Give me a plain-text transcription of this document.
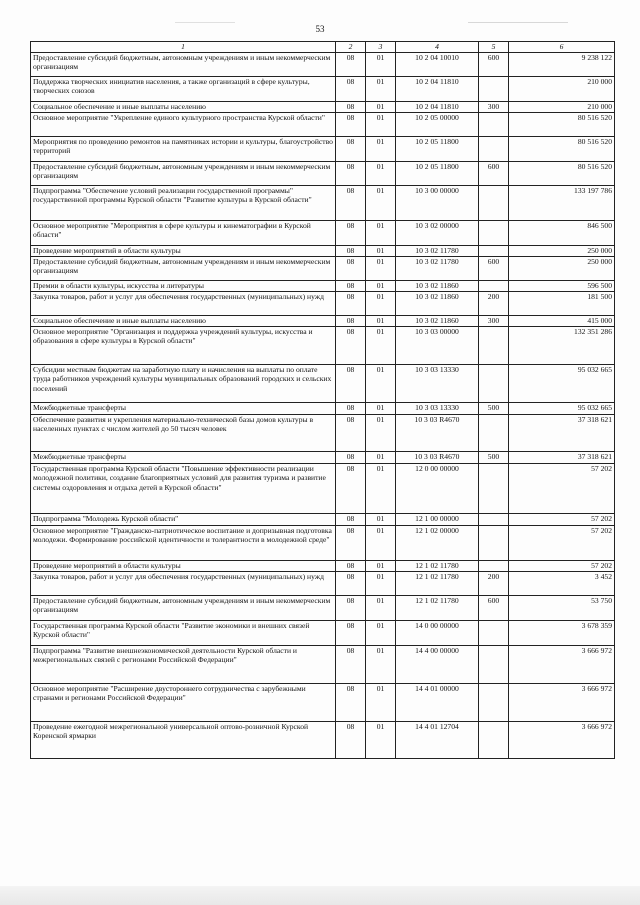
53
1	2	3	4	5	6
Предоставление субсидий бюджетным, автономным учреждениям и иным некоммерческим организациям	08	01	10 2 04 10010	600	9 238 122
Поддержка творческих инициатив населения, а также организаций в сфере культуры, творческих союзов	08	01	10 2 04 11810		210 000
Социальное обеспечение и иные выплаты населению	08	01	10 2 04 11810	300	210 000
Основное мероприятие "Укрепление единого культурного пространства Курской области"	08	01	10 2 05 00000		80 516 520
Мероприятия по проведению ремонтов на памятниках истории и культуры, благоустройство территорий	08	01	10 2 05 11800		80 516 520
Предоставление субсидий бюджетным, автономным учреждениям и иным некоммерческим организациям	08	01	10 2 05 11800	600	80 516 520
Подпрограмма "Обеспечение условий реализации государственной программы" государственной программы Курской области "Развитие культуры в Курской области"	08	01	10 3 00 00000		133 197 786
Основное мероприятие "Мероприятия в сфере культуры и кинематографии в Курской области"	08	01	10 3 02 00000		846 500
Проведение мероприятий в области культуры	08	01	10 3 02 11780		250 000
Предоставление субсидий бюджетным, автономным учреждениям и иным некоммерческим организациям	08	01	10 3 02 11780	600	250 000
Премии в области культуры, искусства и литературы	08	01	10 3 02 11860		596 500
Закупка товаров, работ и услуг для обеспечения государственных (муниципальных) нужд	08	01	10 3 02 11860	200	181 500
Социальное обеспечение и иные выплаты населению	08	01	10 3 02 11860	300	415 000
Основное мероприятие "Организация и поддержка учреждений культуры, искусства и образования в сфере культуры в Курской области"	08	01	10 3 03 00000		132 351 286
Субсидии местным бюджетам на заработную плату и начисления на выплаты по оплате труда работников учреждений культуры муниципальных образований городских и сельских поселений	08	01	10 3 03 13330		95 032 665
Межбюджетные трансферты	08	01	10 3 03 13330	500	95 032 665
Обеспечение развития и укрепления материально-технической базы домов культуры в населенных пунктах с числом жителей до 50 тысяч человек	08	01	10 3 03 R4670		37 318 621
Межбюджетные трансферты	08	01	10 3 03 R4670	500	37 318 621
Государственная программа Курской области "Повышение эффективности реализации молодежной политики, создание благоприятных условий для развития туризма и развитие системы оздоровления и отдыха детей в Курской области"	08	01	12 0 00 00000		57 202
Подпрограмма "Молодежь Курской области"	08	01	12 1 00 00000		57 202
Основное мероприятие "Гражданско-патриотическое воспитание и допризывная подготовка молодежи. Формирование российской идентичности и толерантности в молодежной среде"	08	01	12 1 02 00000		57 202
Проведение мероприятий в области культуры	08	01	12 1 02 11780		57 202
Закупка товаров, работ и услуг для обеспечения государственных (муниципальных) нужд	08	01	12 1 02 11780	200	3 452
Предоставление субсидий бюджетным, автономным учреждениям и иным некоммерческим организациям	08	01	12 1 02 11780	600	53 750
Государственная программа Курской области "Развитие экономики и внешних связей Курской области"	08	01	14 0 00 00000		3 678 359
Подпрограмма "Развитие внешнеэкономической деятельности Курской области и межрегиональных связей с регионами Российской Федерации"	08	01	14 4 00 00000		3 666 972
Основное мероприятие "Расширение двустороннего сотрудничества с зарубежными странами и регионами Российской Федерации"	08	01	14 4 01 00000		3 666 972
Проведение ежегодной межрегиональной универсальной оптово-розничной Курской Коренской ярмарки	08	01	14 4 01 12704		3 666 972
